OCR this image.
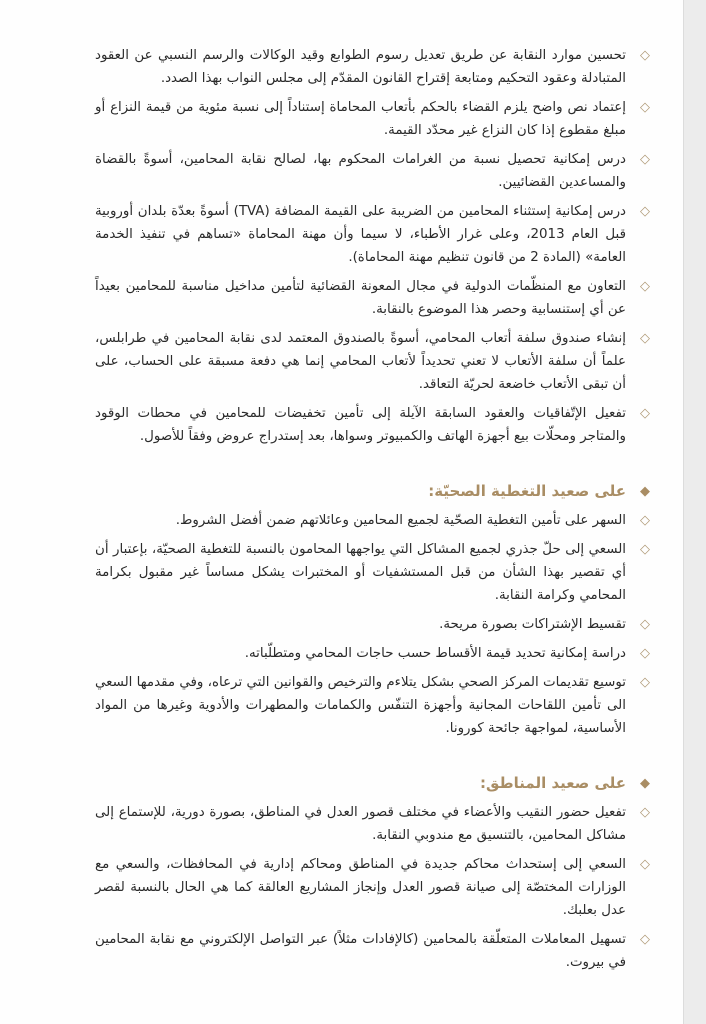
◇
تحسين موارد النقابة عن طريق تعديل رسوم الطوابع وقيد الوكالات والرسم النسبي عن العقود المتبادلة وعقود التحكيم ومتابعة إقتراح القانون المقدّم إلى مجلس النواب بهذا الصدد.
◇
إعتماد نص واضح يلزم القضاء بالحكم بأتعاب المحاماة إستناداً إلى نسبة مئوية من قيمة النزاع أو مبلغ مقطوع إذا كان النزاع غير محدّد القيمة.
◇
درس إمكانية تحصيل نسبة من الغرامات المحكوم بها، لصالح نقابة المحامين، أسوةً بالقضاة والمساعدين القضائيين.
◇
درس إمكانية إستثناء المحامين من الضريبة على القيمة المضافة (TVA) أسوةً بعدّة بلدان أوروبية قبل العام 2013، وعلى غرار الأطباء، لا سيما وأن مهنة المحاماة «تساهم في تنفيذ الخدمة العامة» (المادة 2 من قانون تنظيم مهنة المحاماة).
◇
التعاون مع المنظّمات الدولية في مجال المعونة القضائية لتأمين مداخيل مناسبة للمحامين بعيداً عن أي إستنسابية وحصر هذا الموضوع بالنقابة.
◇
إنشاء صندوق سلفة أتعاب المحامي، أسوةً بالصندوق المعتمد لدى نقابة المحامين في طرابلس، علماً أن سلفة الأتعاب لا تعني تحديداً لأتعاب المحامي إنما هي دفعة مسبقة على الحساب، على أن تبقى الأتعاب خاضعة لحريّة التعاقد.
◇
تفعيل الإتّفاقيات والعقود السابقة الآيلة إلى تأمين تخفيضات للمحامين في محطات الوقود والمتاجر ومحلّات بيع أجهزة الهاتف والكمبيوتر وسواها، بعد إستدراج عروض وفقاً للأصول.
◆
على صعيد التغطية الصحيّة:
◇
السهر على تأمين التغطية الصحّية لجميع المحامين وعائلاتهم ضمن أفضل الشروط.
◇
السعي إلى حلّ جذري لجميع المشاكل التي يواجهها المحامون بالنسبة للتغطية الصحيّة، بإعتبار أن أي تقصير بهذا الشأن من قبل المستشفيات أو المختبرات يشكل مساساً غير مقبول بكرامة المحامي وكرامة النقابة.
◇
تقسيط الإشتراكات بصورة مريحة.
◇
دراسة إمكانية تحديد قيمة الأقساط حسب حاجات المحامي ومتطلّباته.
◇
توسيع تقديمات المركز الصحي بشكل يتلاءم والترخيص والقوانين التي ترعاه، وفي مقدمها السعي الى تأمين اللقاحات المجانية وأجهزة التنفّس والكمامات والمطهرات والأدوية وغيرها من المواد الأساسية، لمواجهة جائحة كورونا.
◆
على صعيد المناطق:
◇
تفعيل حضور النقيب والأعضاء في مختلف قصور العدل في المناطق، بصورة دورية، للإستماع إلى مشاكل المحامين، بالتنسيق مع مندوبي النقابة.
◇
السعي إلى إستحداث محاكم جديدة في المناطق ومحاكم إدارية في المحافظات، والسعي مع الوزارات المختصّة إلى صيانة قصور العدل وإنجاز المشاريع العالقة كما هي الحال بالنسبة لقصر عدل بعلبك.
◇
تسهيل المعاملات المتعلّقة بالمحامين (كالإفادات مثلاً) عبر التواصل الإلكتروني مع نقابة المحامين في بيروت.
